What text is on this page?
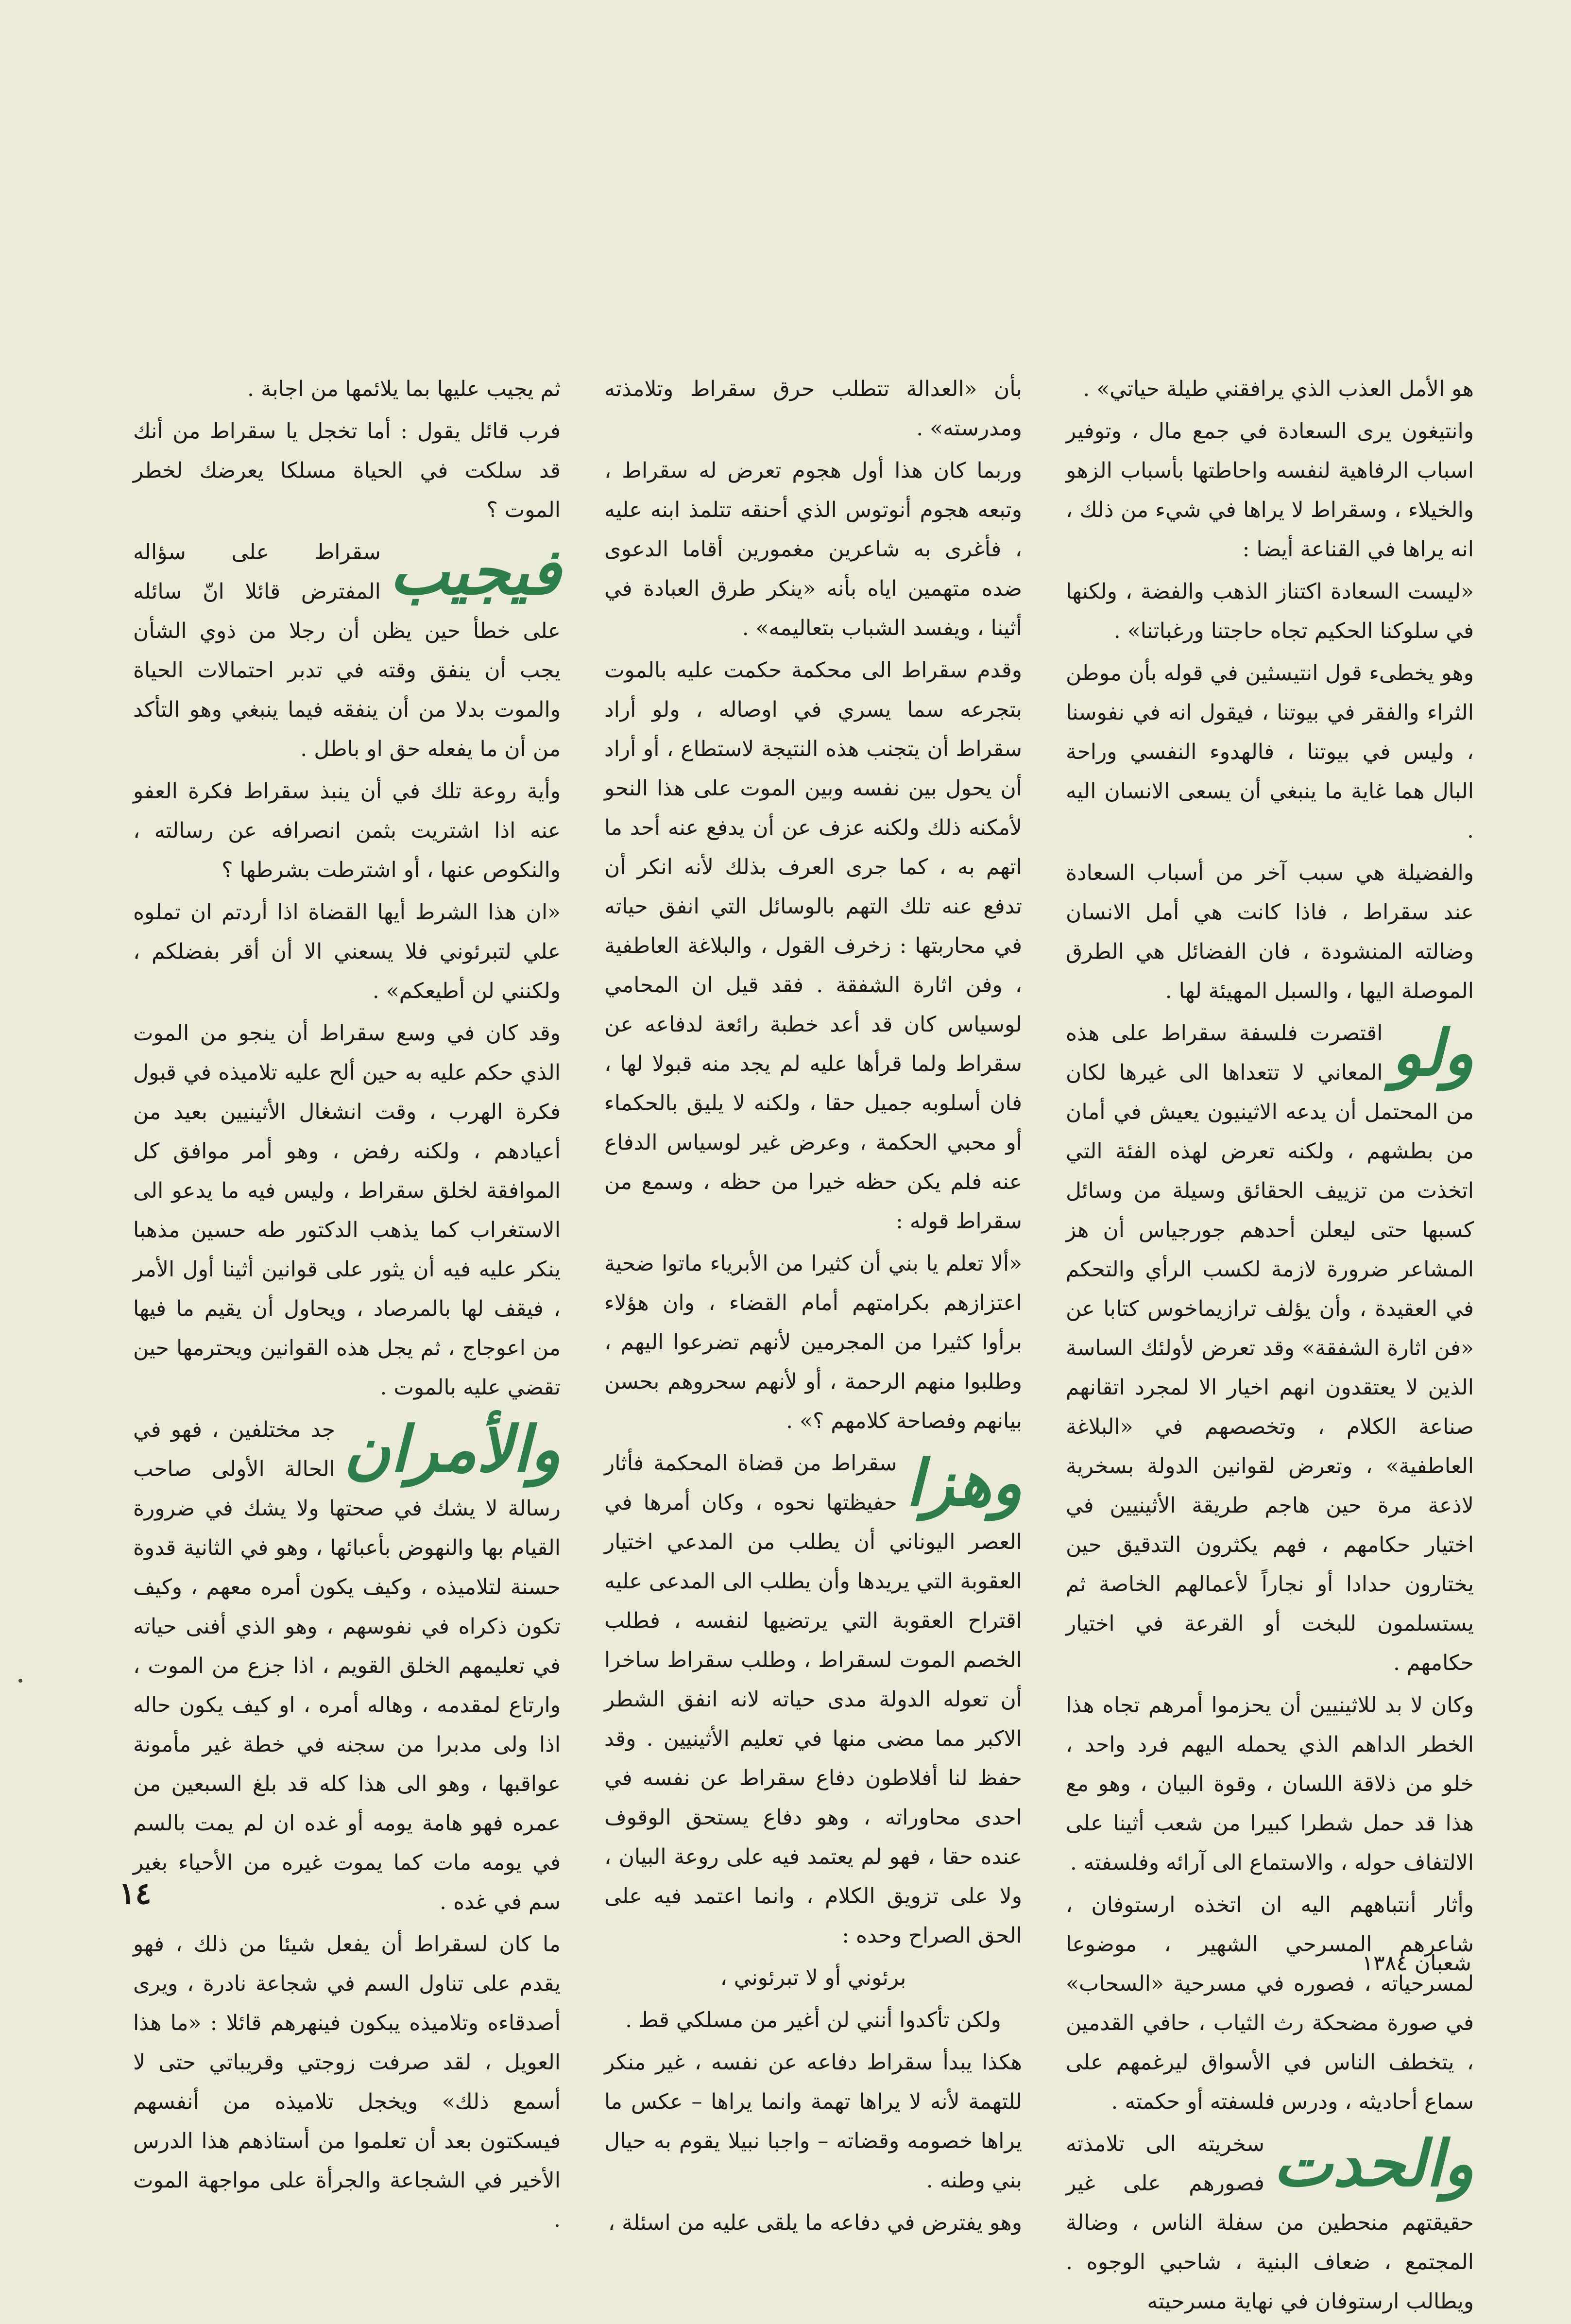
هو الأمل العذب الذي يرافقني طيلة حياتي» .

وانتيغون يرى السعادة في جمع مال ، وتوفير اسباب الرفاهية لنفسه واحاطتها بأسباب الزهو والخيلاء ، وسقراط لا يراها في شيء من ذلك ، انه يراها في القناعة أيضا :

«ليست السعادة اكتناز الذهب والفضة ، ولكنها في سلوكنا الحكيم تجاه حاجتنا ورغباتنا» .

وهو يخطىء قول انتيسثين في قوله بأن موطن الثراء والفقر في بيوتنا ، فيقول انه في نفوسنا ، وليس في بيوتنا ، فالهدوء النفسي وراحة البال هما غاية ما ينبغي أن يسعى الانسان اليه .

والفضيلة هي سبب آخر من أسباب السعادة عند سقراط ، فاذا كانت هي أمل الانسان وضالته المنشودة ، فان الفضائل هي الطرق الموصلة اليها ، والسبل المهيئة لها .

ولو
اقتصرت فلسفة سقراط على هذه المعاني لا تتعداها الى غيرها لكان من المحتمل أن يدعه الاثينيون يعيش في أمان من بطشهم ، ولكنه تعرض لهذه الفئة التي اتخذت من تزييف الحقائق وسيلة من وسائل كسبها حتى ليعلن أحدهم جورجياس أن هز المشاعر ضرورة لازمة لكسب الرأي والتحكم في العقيدة ، وأن يؤلف ترازيماخوس كتابا عن «فن اثارة الشفقة» وقد تعرض لأولئك الساسة الذين لا يعتقدون انهم اخيار الا لمجرد اتقانهم صناعة الكلام ، وتخصصهم في «البلاغة العاطفية» ، وتعرض لقوانين الدولة بسخرية لاذعة مرة حين هاجم طريقة الأثينيين في اختيار حكامهم ، فهم يكثرون التدقيق حين يختارون حدادا أو نجاراً لأعمالهم الخاصة ثم يستسلمون للبخت أو القرعة في اختيار حكامهم .

وكان لا بد للاثينيين أن يحزموا أمرهم تجاه هذا الخطر الداهم الذي يحمله اليهم فرد واحد ، خلو من ذلاقة اللسان ، وقوة البيان ، وهو مع هذا قد حمل شطرا كبيرا من شعب أثينا على الالتفاف حوله ، والاستماع الى آرائه وفلسفته .

وأثار أنتباههم اليه ان اتخذه ارستوفان ، شاعرهم المسرحي الشهير ، موضوعا لمسرحياته ، فصوره في مسرحية «السحاب» في صورة مضحكة رث الثياب ، حافي القدمين ، يتخطف الناس في الأسواق ليرغمهم على سماع أحاديثه ، ودرس فلسفته أو حكمته .

والحدت
سخريته الى تلامذته فصورهم على غير حقيقتهم منحطين من سفلة الناس ، وضالة المجتمع ، ضعاف البنية ، شاحبي الوجوه . ويطالب ارستوفان في نهاية مسرحيته

بأن «العدالة تتطلب حرق سقراط وتلامذته ومدرسته» .

وربما كان هذا أول هجوم تعرض له سقراط ، وتبعه هجوم أنوتوس الذي أحنقه تتلمذ ابنه عليه ، فأغرى به شاعرين مغمورين أقاما الدعوى ضده متهمين اياه بأنه «ينكر طرق العبادة في أثينا ، ويفسد الشباب بتعاليمه» .

وقدم سقراط الى محكمة حكمت عليه بالموت بتجرعه سما يسري في اوصاله ، ولو أراد سقراط أن يتجنب هذه النتيجة لاستطاع ، أو أراد أن يحول بين نفسه وبين الموت على هذا النحو لأمكنه ذلك ولكنه عزف عن أن يدفع عنه أحد ما اتهم به ، كما جرى العرف بذلك لأنه انكر أن تدفع عنه تلك التهم بالوسائل التي انفق حياته في محاربتها : زخرف القول ، والبلاغة العاطفية ، وفن اثارة الشفقة . فقد قيل ان المحامي لوسياس كان قد أعد خطبة رائعة لدفاعه عن سقراط ولما قرأها عليه لم يجد منه قبولا لها ، فان أسلوبه جميل حقا ، ولكنه لا يليق بالحكماء أو محبي الحكمة ، وعرض غير لوسياس الدفاع عنه فلم يكن حظه خيرا من حظه ، وسمع من سقراط قوله :

«ألا تعلم يا بني أن كثيرا من الأبرياء ماتوا ضحية اعتزازهم بكرامتهم أمام القضاء ، وان هؤلاء برأوا كثيرا من المجرمين لأنهم تضرعوا اليهم ، وطلبوا منهم الرحمة ، أو لأنهم سحروهم بحسن بيانهم وفصاحة كلامهم ؟» .

وهزا
سقراط من قضاة المحكمة فأثار حفيظتها نحوه ، وكان أمرها في العصر اليوناني أن يطلب من المدعي اختيار العقوبة التي يريدها وأن يطلب الى المدعى عليه اقتراح العقوبة التي يرتضيها لنفسه ، فطلب الخصم الموت لسقراط ، وطلب سقراط ساخرا أن تعوله الدولة مدى حياته لانه انفق الشطر الاكبر مما مضى منها في تعليم الأثينيين . وقد حفظ لنا أفلاطون دفاع سقراط عن نفسه في احدى محاوراته ، وهو دفاع يستحق الوقوف عنده حقا ، فهو لم يعتمد فيه على روعة البيان ، ولا على تزويق الكلام ، وانما اعتمد فيه على الحق الصراح وحده :

برئوني أو لا تبرئوني ،

ولكن تأكدوا أنني لن أغير من مسلكي قط .

هكذا يبدأ سقراط دفاعه عن نفسه ، غير منكر للتهمة لأنه لا يراها تهمة وانما يراها – عكس ما يراها خصومه وقضاته – واجبا نبيلا يقوم به حيال بني وطنه .

وهو يفترض في دفاعه ما يلقى عليه من اسئلة ،

ثم يجيب عليها بما يلائمها من اجابة .

فرب قائل يقول : أما تخجل يا سقراط من أنك قد سلكت في الحياة مسلكا يعرضك لخطر الموت ؟

فيجيب
سقراط على سؤاله المفترض قائلا انّ سائله على خطأ حين يظن أن رجلا من ذوي الشأن يجب أن ينفق وقته في تدبر احتمالات الحياة والموت بدلا من أن ينفقه فيما ينبغي وهو التأكد من أن ما يفعله حق او باطل .

وأية روعة تلك في أن ينبذ سقراط فكرة العفو عنه اذا اشتريت بثمن انصرافه عن رسالته ، والنكوص عنها ، أو اشترطت بشرطها ؟

«ان هذا الشرط أيها القضاة اذا أردتم ان تملوه علي لتبرئوني فلا يسعني الا أن أقر بفضلكم ، ولكنني لن أطيعكم» .

وقد كان في وسع سقراط أن ينجو من الموت الذي حكم عليه به حين ألح عليه تلاميذه في قبول فكرة الهرب ، وقت انشغال الأثينيين بعيد من أعيادهم ، ولكنه رفض ، وهو أمر موافق كل الموافقة لخلق سقراط ، وليس فيه ما يدعو الى الاستغراب كما يذهب الدكتور طه حسين مذهبا ينكر عليه فيه أن يثور على قوانين أثينا أول الأمر ، فيقف لها بالمرصاد ، ويحاول أن يقيم ما فيها من اعوجاج ، ثم يجل هذه القوانين ويحترمها حين تقضي عليه بالموت .

والأمران
جد مختلفين ، فهو في الحالة الأولى صاحب رسالة لا يشك في صحتها ولا يشك في ضرورة القيام بها والنهوض بأعبائها ، وهو في الثانية قدوة حسنة لتلاميذه ، وكيف يكون أمره معهم ، وكيف تكون ذكراه في نفوسهم ، وهو الذي أفنى حياته في تعليمهم الخلق القويم ، اذا جزع من الموت ، وارتاع لمقدمه ، وهاله أمره ، او كيف يكون حاله اذا ولى مدبرا من سجنه في خطة غير مأمونة عواقبها ، وهو الى هذا كله قد بلغ السبعين من عمره فهو هامة يومه أو غده ان لم يمت بالسم في يومه مات كما يموت غيره من الأحياء بغير سم في غده .

ما كان لسقراط أن يفعل شيئا من ذلك ، فهو يقدم على تناول السم في شجاعة نادرة ، ويرى أصدقاءه وتلاميذه يبكون فينهرهم قائلا : «ما هذا العويل ، لقد صرفت زوجتي وقريباتي حتى لا أسمع ذلك» ويخجل تلاميذه من أنفسهم فيسكتون بعد أن تعلموا من أستاذهم هذا الدرس الأخير في الشجاعة والجرأة على مواجهة الموت .

١٤
شعبان ١٣٨٤
